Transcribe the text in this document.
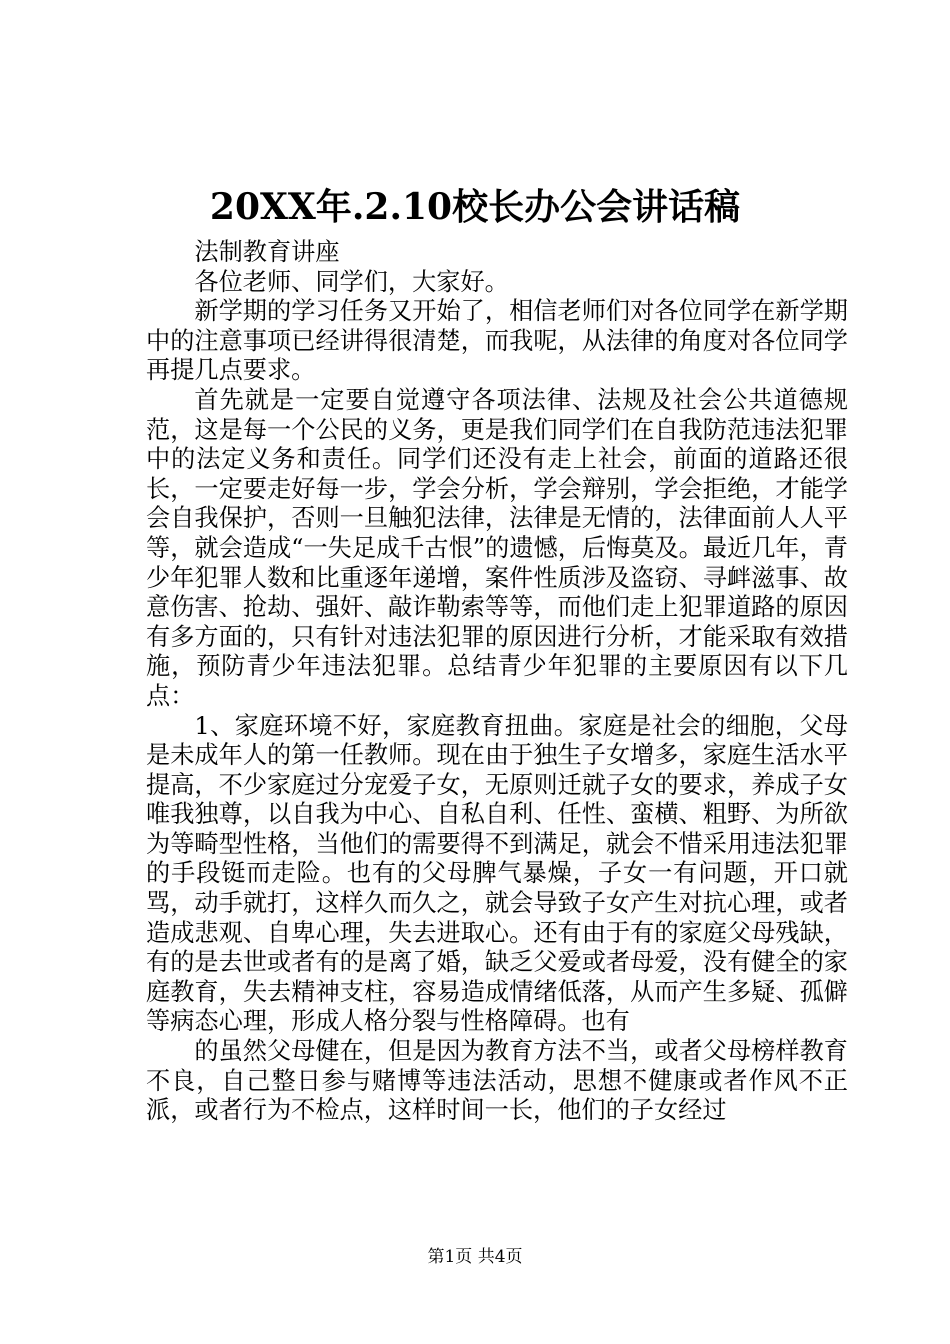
20XX年.2.10校长办公会讲话稿

法制教育讲座

各位老师、同学们，大家好。

新学期的学习任务又开始了，相信老师们对各位同学在新学期中的注意事项已经讲得很清楚，而我呢，从法律的角度对各位同学再提几点要求。

首先就是一定要自觉遵守各项法律、法规及社会公共道德规范，这是每一个公民的义务，更是我们同学们在自我防范违法犯罪中的法定义务和责任。同学们还没有走上社会，前面的道路还很长，一定要走好每一步，学会分析，学会辩别，学会拒绝，才能学会自我保护，否则一旦触犯法律，法律是无情的，法律面前人人平等，就会造成“一失足成千古恨”的遗憾，后悔莫及。最近几年，青少年犯罪人数和比重逐年递增，案件性质涉及盗窃、寻衅滋事、故意伤害、抢劫、强奸、敲诈勒索等等，而他们走上犯罪道路的原因有多方面的，只有针对违法犯罪的原因进行分析，才能采取有效措施，预防青少年违法犯罪。总结青少年犯罪的主要原因有以下几点：

1、家庭环境不好，家庭教育扭曲。家庭是社会的细胞，父母是未成年人的第一任教师。现在由于独生子女增多，家庭生活水平提高，不少家庭过分宠爱子女，无原则迁就子女的要求，养成子女唯我独尊，以自我为中心、自私自利、任性、蛮横、粗野、为所欲为等畸型性格，当他们的需要得不到满足，就会不惜采用违法犯罪的手段铤而走险。也有的父母脾气暴燥，子女一有问题，开口就骂，动手就打，这样久而久之，就会导致子女产生对抗心理，或者造成悲观、自卑心理，失去进取心。还有由于有的家庭父母残缺，有的是去世或者有的是离了婚，缺乏父爱或者母爱，没有健全的家庭教育，失去精神支柱，容易造成情绪低落，从而产生多疑、孤僻等病态心理，形成人格分裂与性格障碍。也有

的虽然父母健在，但是因为教育方法不当，或者父母榜样教育不良，自己整日参与赌博等违法活动，思想不健康或者作风不正派，或者行为不检点，这样时间一长，他们的子女经过

第1页 共4页
